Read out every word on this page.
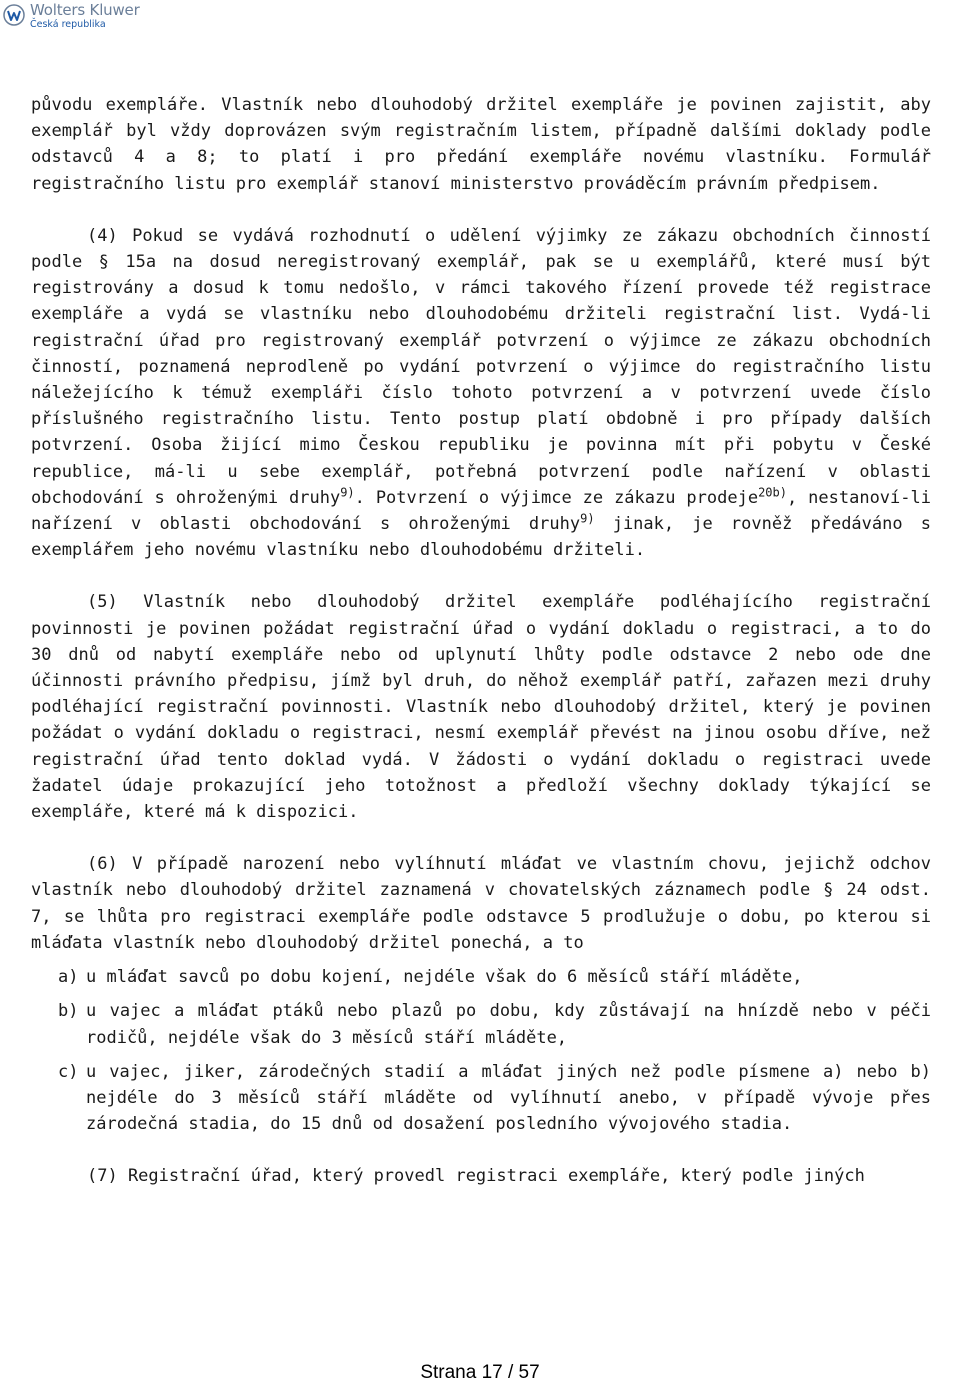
Wolters Kluwer
Česká republika

původu exempláře. Vlastník nebo dlouhodobý držitel exempláře je povinen zajistit, aby exemplář byl vždy doprovázen svým registračním listem, případně dalšími doklady podle odstavců 4 a 8; to platí i pro předání exempláře novému vlastníku. Formulář registračního listu pro exemplář stanoví ministerstvo prováděcím právním předpisem.

(4) Pokud se vydává rozhodnutí o udělení výjimky ze zákazu obchodních činností podle § 15a na dosud neregistrovaný exemplář, pak se u exemplářů, které musí být registrovány a dosud k tomu nedošlo, v rámci takového řízení provede též registrace exempláře a vydá se vlastníku nebo dlouhodobému držiteli registrační list. Vydá-li registrační úřad pro registrovaný exemplář potvrzení o výjimce ze zákazu obchodních činností, poznamená neprodleně po vydání potvrzení o výjimce do registračního listu náležejícího k témuž exempláři číslo tohoto potvrzení a v potvrzení uvede číslo příslušného registračního listu. Tento postup platí obdobně i pro případy dalších potvrzení. Osoba žijící mimo Českou republiku je povinna mít při pobytu v České republice, má-li u sebe exemplář, potřebná potvrzení podle nařízení v oblasti obchodování s ohroženými druhy$^{9)}$. Potvrzení o výjimce ze zákazu prodeje$^{20b)}$, nestanoví-li nařízení v oblasti obchodování s ohroženými druhy$^{9)}$ jinak, je rovněž předáváno s exemplářem jeho novému vlastníku nebo dlouhodobému držiteli.

(5) Vlastník nebo dlouhodobý držitel exempláře podléhajícího registrační povinnosti je povinen požádat registrační úřad o vydání dokladu o registraci, a to do 30 dnů od nabytí exempláře nebo od uplynutí lhůty podle odstavce 2 nebo ode dne účinnosti právního předpisu, jímž byl druh, do něhož exemplář patří, zařazen mezi druhy podléhající registrační povinnosti. Vlastník nebo dlouhodobý držitel, který je povinen požádat o vydání dokladu o registraci, nesmí exemplář převést na jinou osobu dříve, než registrační úřad tento doklad vydá. V žádosti o vydání dokladu o registraci uvede žadatel údaje prokazující jeho totožnost a předloží všechny doklady týkající se exempláře, které má k dispozici.

(6) V případě narození nebo vylíhnutí mláďat ve vlastním chovu, jejichž odchov vlastník nebo dlouhodobý držitel zaznamená v chovatelských záznamech podle § 24 odst. 7, se lhůta pro registraci exempláře podle odstavce 5 prodlužuje o dobu, po kterou si mláďata vlastník nebo dlouhodobý držitel ponechá, a to

a) u mláďat savců po dobu kojení, nejdéle však do 6 měsíců stáří mláděte,
b) u vajec a mláďat ptáků nebo plazů po dobu, kdy zůstávají na hnízdě nebo v péči rodičů, nejdéle však do 3 měsíců stáří mláděte,
c) u vajec, jiker, zárodečných stadií a mláďat jiných než podle písmene a) nebo b) nejdéle do 3 měsíců stáří mláděte od vylíhnutí anebo, v případě vývoje přes zárodečná stadia, do 15 dnů od dosažení posledního vývojového stadia.

(7) Registrační úřad, který provedl registraci exempláře, který podle jiných

Strana 17 / 57
